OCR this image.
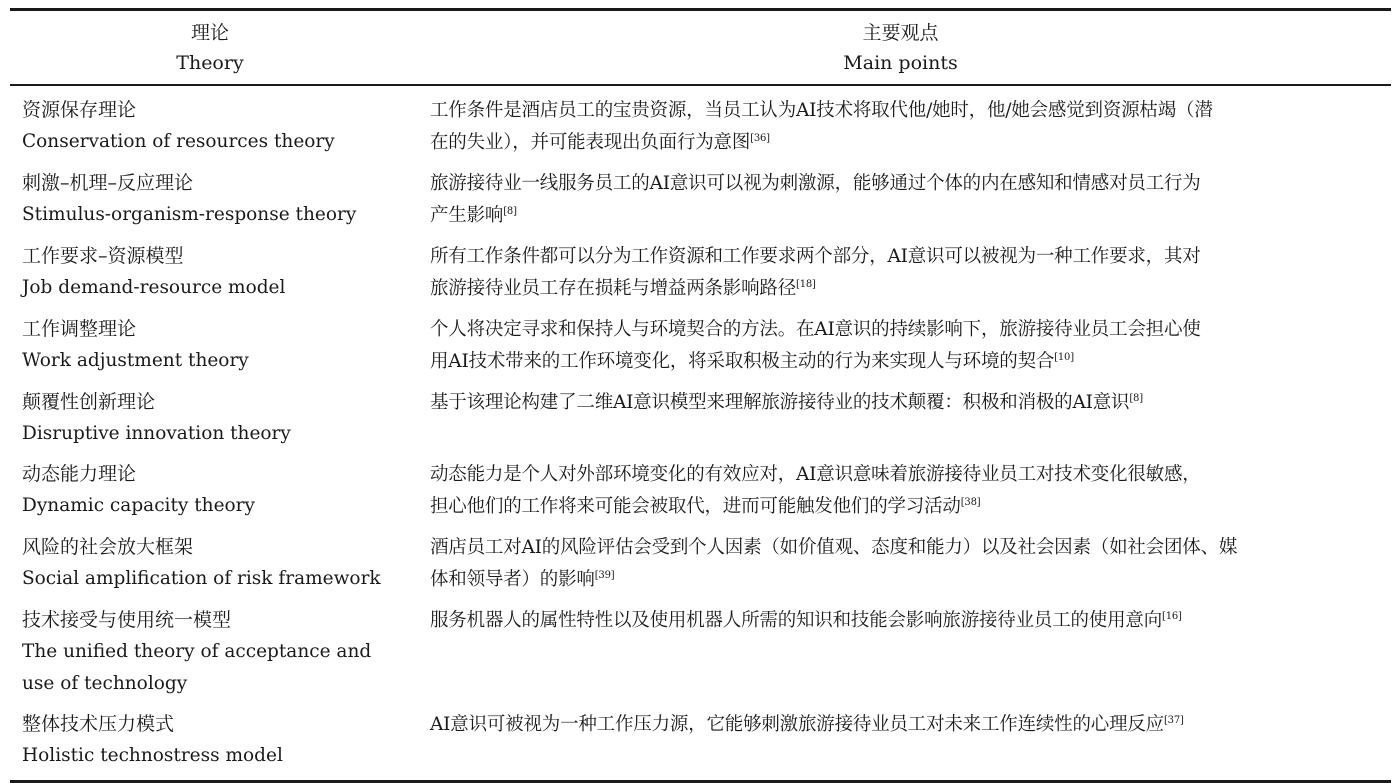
理论
Theory
主要观点
Main points
资源保存理论
Conservation of resources theory
工作条件是酒店员工的宝贵资源，当员工认为AI技术将取代他/她时，他/她会感觉到资源枯竭（潜
在的失业），并可能表现出负面行为意图[36]
刺激–机理–反应理论
Stimulus-organism-response theory
旅游接待业一线服务员工的AI意识可以视为刺激源，能够通过个体的内在感知和情感对员工行为
产生影响[8]
工作要求–资源模型
Job demand-resource model
所有工作条件都可以分为工作资源和工作要求两个部分，AI意识可以被视为一种工作要求，其对
旅游接待业员工存在损耗与增益两条影响路径[18]
工作调整理论
Work adjustment theory
个人将决定寻求和保持人与环境契合的方法。在AI意识的持续影响下，旅游接待业员工会担心使
用AI技术带来的工作环境变化，将采取积极主动的行为来实现人与环境的契合[10]
颠覆性创新理论
Disruptive innovation theory
基于该理论构建了二维AI意识模型来理解旅游接待业的技术颠覆：积极和消极的AI意识[8]
动态能力理论
Dynamic capacity theory
动态能力是个人对外部环境变化的有效应对，AI意识意味着旅游接待业员工对技术变化很敏感，
担心他们的工作将来可能会被取代，进而可能触发他们的学习活动[38]
风险的社会放大框架
Social amplification of risk framework
酒店员工对AI的风险评估会受到个人因素（如价值观、态度和能力）以及社会因素（如社会团体、媒
体和领导者）的影响[39]
技术接受与使用统一模型
The unified theory of acceptance and
use of technology
服务机器人的属性特性以及使用机器人所需的知识和技能会影响旅游接待业员工的使用意向[16]
整体技术压力模式
Holistic technostress model
AI意识可被视为一种工作压力源，它能够刺激旅游接待业员工对未来工作连续性的心理反应[37]
